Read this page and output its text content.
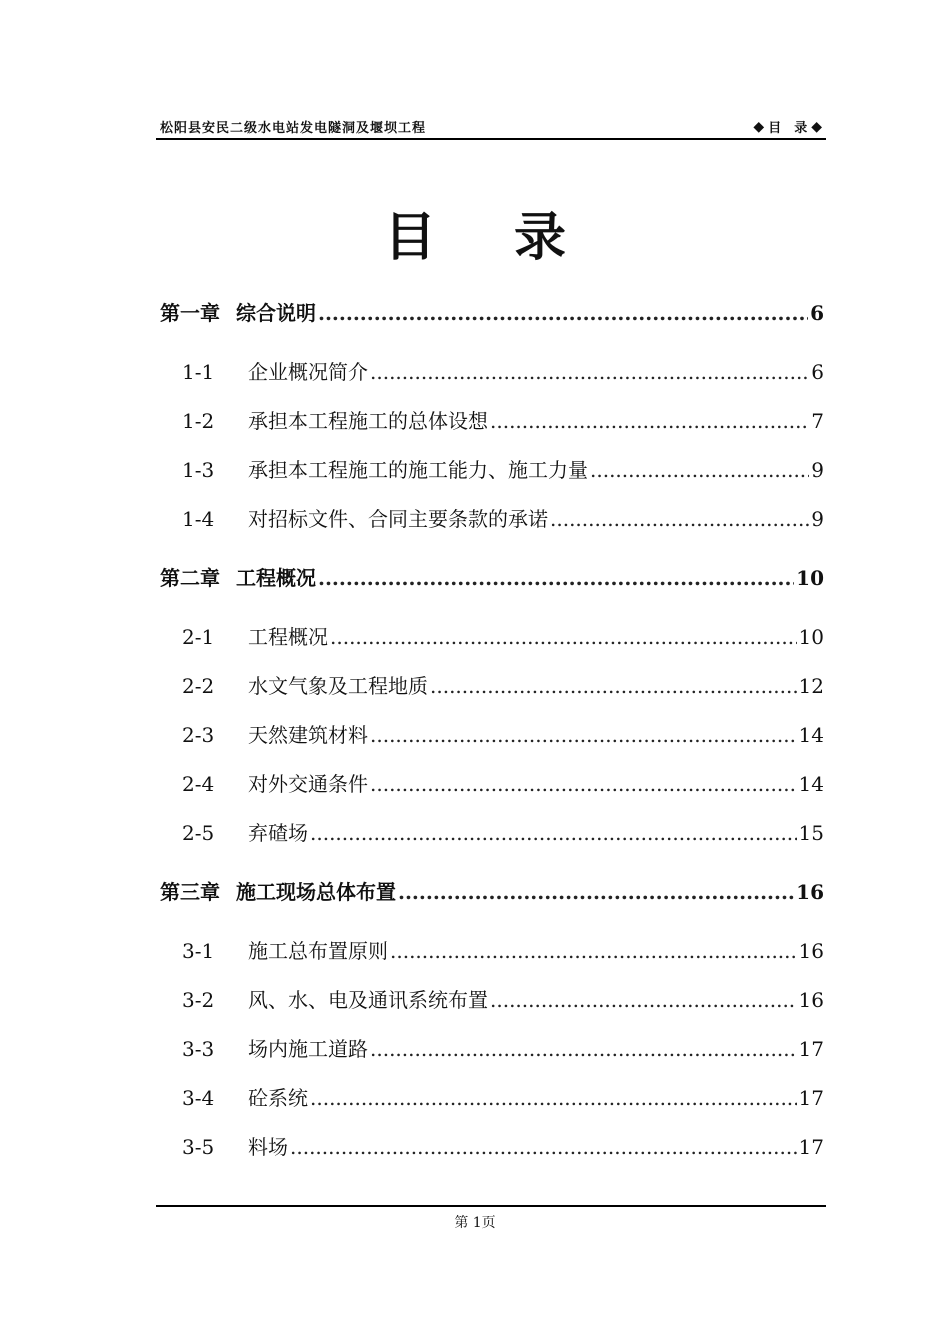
松阳县安民二级水电站发电隧洞及堰坝工程	◆ 目　录 ◆
目录
第一章 综合说明 .....	6
1-1	企业概况简介 .....	6
1-2	承担本工程施工的总体设想 .....	7
1-3	承担本工程施工的施工能力、施工力量 .....	9
1-4	对招标文件、合同主要条款的承诺 .....	9
第二章 工程概况 .....	10
2-1	工程概况 .....	10
2-2	水文气象及工程地质 .....	12
2-3	天然建筑材料 .....	14
2-4	对外交通条件 .....	14
2-5	弃碴场 .....	15
第三章 施工现场总体布置 .....	16
3-1	施工总布置原则 .....	16
3-2	风、水、电及通讯系统布置 .....	16
3-3	场内施工道路 .....	17
3-4	砼系统 .....	17
3-5	料场 .....	17
第 1页
